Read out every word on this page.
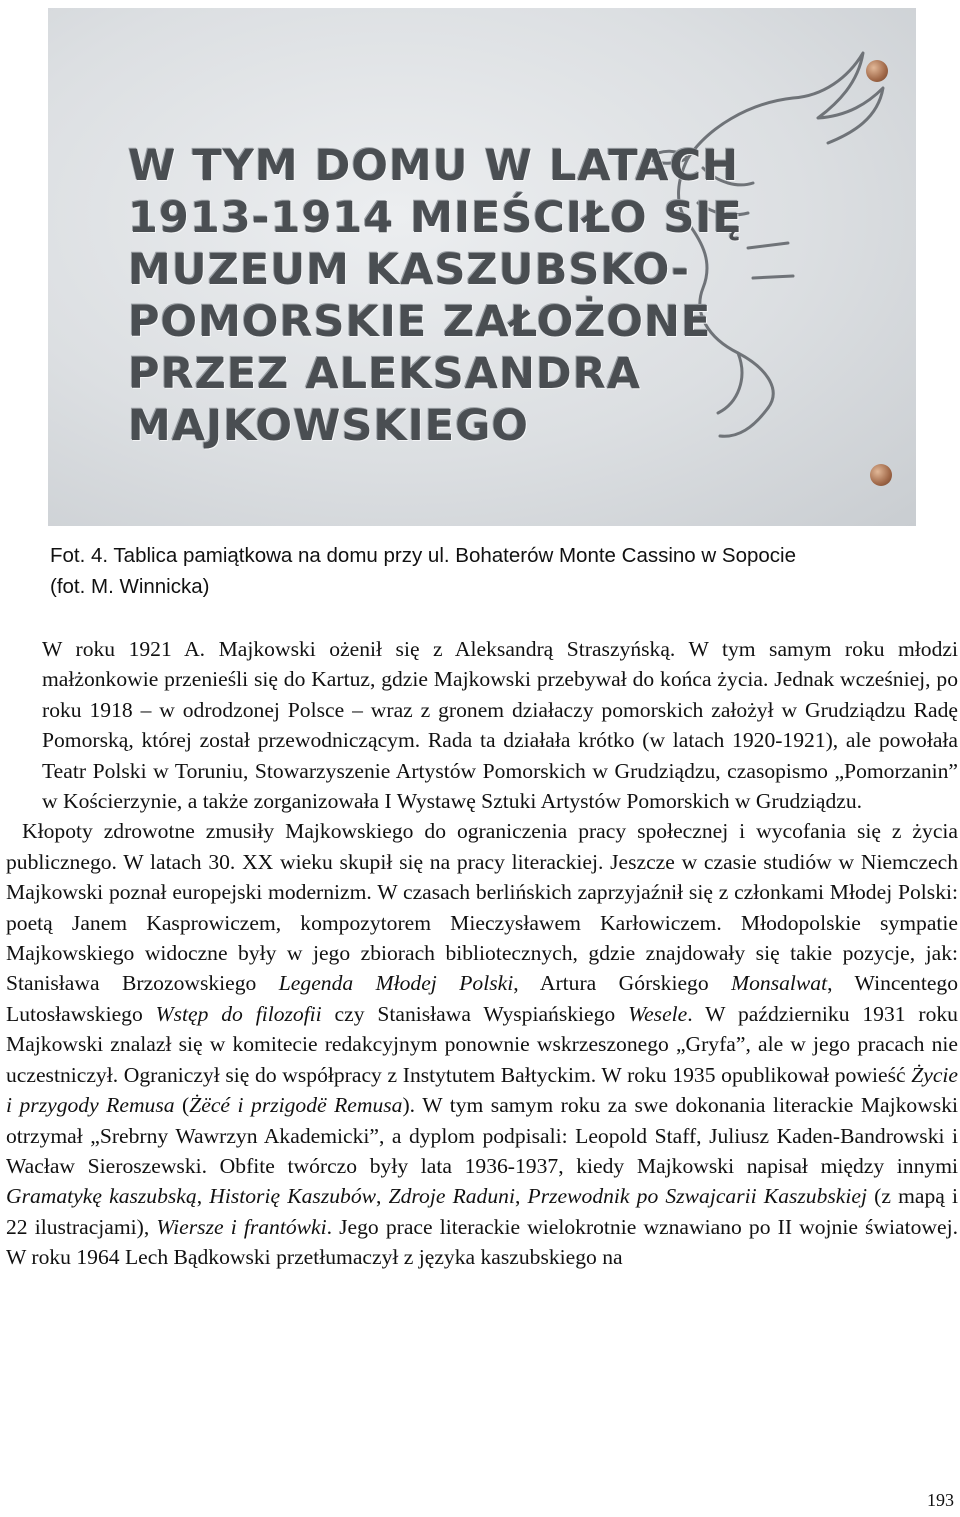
W TYM DOMU W LATACH
1913-1914 MIEŚCIŁO SIĘ
MUZEUM KASZUBSKO-
POMORSKIE ZAŁOŻONE
PRZEZ ALEKSANDRA
MAJKOWSKIEGO
Fot. 4. Tablica pamiątkowa na domu przy ul. Bohaterów Monte Cassino w Sopocie
(fot. M. Winnicka)

W roku 1921 A. Majkowski ożenił się z Aleksandrą Straszyńską. W tym samym roku młodzi małżonkowie przenieśli się do Kartuz, gdzie Majkowski przebywał do końca życia. Jednak wcześniej, po roku 1918 – w odrodzonej Polsce – wraz z gronem działaczy pomorskich założył w Grudziądzu Radę Pomorską, której został przewodniczącym. Rada ta działała krótko (w latach 1920-1921), ale powołała Teatr Polski w Toruniu, Stowarzyszenie Artystów Pomorskich w Grudziądzu, czasopismo „Pomorzanin” w Kościerzynie, a także zorganizowała I Wystawę Sztuki Artystów Pomorskich w Grudziądzu.

Kłopoty zdrowotne zmusiły Majkowskiego do ograniczenia pracy społecznej i wycofania się z życia publicznego. W latach 30. XX wieku skupił się na pracy literackiej. Jeszcze w czasie studiów w Niemczech Majkowski poznał europejski modernizm. W czasach berlińskich zaprzyjaźnił się z członkami Młodej Polski: poetą Janem Kasprowiczem, kompozytorem Mieczysławem Karłowiczem. Młodopolskie sympatie Majkowskiego widoczne były w jego zbiorach bibliotecznych, gdzie znajdowały się takie pozycje, jak: Stanisława Brzozowskiego Legenda Młodej Polski, Artura Górskiego Monsalwat, Wincentego Lutosławskiego Wstęp do filozofii czy Stanisława Wyspiańskiego Wesele. W październiku 1931 roku Majkowski znalazł się w komitecie redakcyjnym ponownie wskrzeszonego „Gryfa”, ale w jego pracach nie uczestniczył. Ograniczył się do współpracy z Instytutem Bałtyckim. W roku 1935 opublikował powieść Życie i przygody Remusa (Żëcé i przigodë Remusa). W tym samym roku za swe dokonania literackie Majkowski otrzymał „Srebrny Wawrzyn Akademicki”, a dyplom podpisali: Leopold Staff, Juliusz Kaden-Bandrowski i Wacław Sieroszewski. Obfite twórczo były lata 1936-1937, kiedy Majkowski napisał między innymi Gramatykę kaszubską, Historię Kaszubów, Zdroje Raduni, Przewodnik po Szwajcarii Kaszubskiej (z mapą i 22 ilustracjami), Wiersze i frantówki. Jego prace literackie wielokrotnie wznawiano po II wojnie światowej. W roku 1964 Lech Bądkowski przetłumaczył z języka kaszubskiego na

193
